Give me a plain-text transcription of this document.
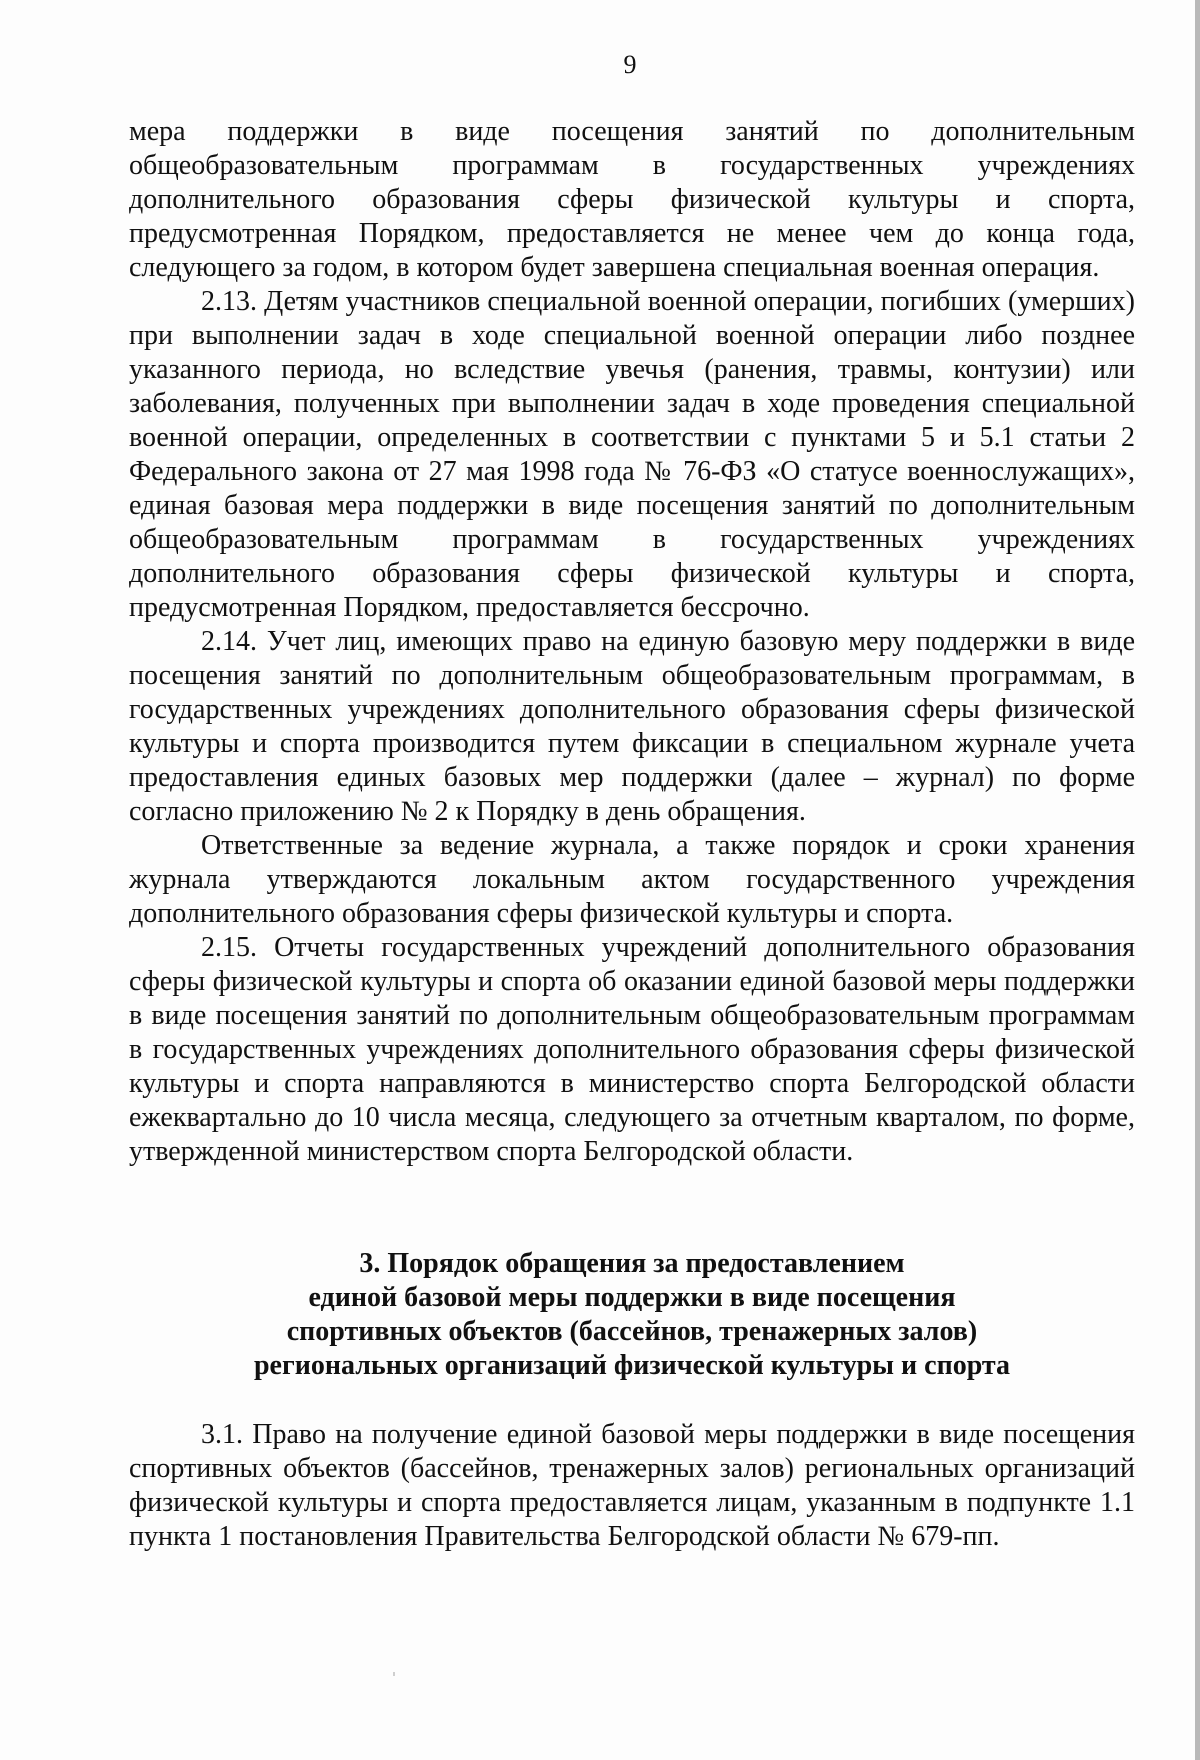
9

мера поддержки в виде посещения занятий по дополнительным общеобразовательным программам в государственных учреждениях дополнительного образования сферы физической культуры и спорта, предусмотренная Порядком, предоставляется не менее чем до конца года, следующего за годом, в котором будет завершена специальная военная операция.

2.13. Детям участников специальной военной операции, погибших (умерших) при выполнении задач в ходе специальной военной операции либо позднее указанного периода, но вследствие увечья (ранения, травмы, контузии) или заболевания, полученных при выполнении задач в ходе проведения специальной военной операции, определенных в соответствии с пунктами 5 и 5.1 статьи 2 Федерального закона от 27 мая 1998 года № 76-ФЗ «О статусе военнослужащих», единая базовая мера поддержки в виде посещения занятий по дополнительным общеобразовательным программам в государственных учреждениях дополнительного образования сферы физической культуры и спорта, предусмотренная Порядком, предоставляется бессрочно.

2.14. Учет лиц, имеющих право на единую базовую меру поддержки в виде посещения занятий по дополнительным общеобразовательным программам, в государственных учреждениях дополнительного образования сферы физической культуры и спорта производится путем фиксации в специальном журнале учета предоставления единых базовых мер поддержки (далее – журнал) по форме согласно приложению № 2 к Порядку в день обращения.

Ответственные за ведение журнала, а также порядок и сроки хранения журнала утверждаются локальным актом государственного учреждения дополнительного образования сферы физической культуры и спорта.

2.15. Отчеты государственных учреждений дополнительного образования сферы физической культуры и спорта об оказании единой базовой меры поддержки в виде посещения занятий по дополнительным общеобразовательным программам в государственных учреждениях дополнительного образования сферы физической культуры и спорта направляются в министерство спорта Белгородской области ежеквартально до 10 числа месяца, следующего за отчетным кварталом, по форме, утвержденной министерством спорта Белгородской области.

3. Порядок обращения за предоставлением

единой базовой меры поддержки в виде посещения

спортивных объектов (бассейнов, тренажерных залов)

региональных организаций физической культуры и спорта

3.1. Право на получение единой базовой меры поддержки в виде посещения спортивных объектов (бассейнов, тренажерных залов) региональных организаций физической культуры и спорта предоставляется лицам, указанным в подпункте 1.1 пункта 1 постановления Правительства Белгородской области № 679-пп.
